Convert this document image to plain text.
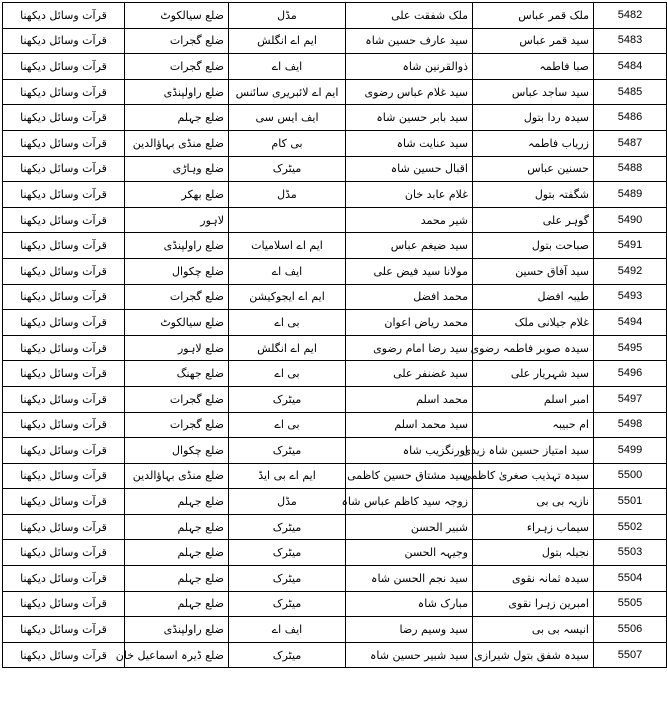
قرآت وسائل دیکھنا	ضلع سیالکوٹ	مڈل	ملک شفقت علی	ملک قمر عباس	5482
قرآت وسائل دیکھنا	ضلع گجرات	ایم اے انگلش	سید عارف حسین شاہ	سید قمر عباس	5483
قرآت وسائل دیکھنا	ضلع گجرات	ایف اے	ذوالقرنین شاہ	صبا فاطمہ	5484
قرآت وسائل دیکھنا	ضلع راولپنڈی	ایم اے لائبریری سائنس	سید غلام عباس رضوی	سید ساجد عباس	5485
قرآت وسائل دیکھنا	ضلع جہلم	ایف ایس سی	سید بابر حسین شاہ	سیدہ ردا بتول	5486
قرآت وسائل دیکھنا	ضلع منڈی بہاؤالدین	بی کام	سید عنایت شاہ	زریاب فاطمہ	5487
قرآت وسائل دیکھنا	ضلع وہاڑی	میٹرک	اقبال حسین شاہ	حسنین عباس	5488
قرآت وسائل دیکھنا	ضلع بھکر	مڈل	غلام عابد خان	شگفتہ بتول	5489
قرآت وسائل دیکھنا	لاہور		شیر محمد	گوہر علی	5490
قرآت وسائل دیکھنا	ضلع راولپنڈی	ایم اے اسلامیات	سید ضیغم عباس	صباحت بتول	5491
قرآت وسائل دیکھنا	ضلع چکوال	ایف اے	مولانا سید فیض علی	سید آفاق حسین	5492
قرآت وسائل دیکھنا	ضلع گجرات	ایم اے ایجوکیشن	محمد افضل	طیبہ افضل	5493
قرآت وسائل دیکھنا	ضلع سیالکوٹ	بی اے	محمد ریاض اعوان	غلام جیلانی ملک	5494
قرآت وسائل دیکھنا	ضلع لاہور	ایم اے انگلش	سید رضا امام رضوی	سیدہ صوبر فاطمہ رضوی	5495
قرآت وسائل دیکھنا	ضلع جھنگ	بی اے	سید غضنفر علی	سید شہریار علی	5496
قرآت وسائل دیکھنا	ضلع گجرات	میٹرک	محمد اسلم	امبر اسلم	5497
قرآت وسائل دیکھنا	ضلع گجرات	بی اے	سید محمد اسلم	ام حبیبہ	5498
قرآت وسائل دیکھنا	ضلع چکوال	میٹرک	اورنگزیب شاہ	سید امتیاز حسین شاہ زیدی	5499
قرآت وسائل دیکھنا	ضلع منڈی بہاؤالدین	ایم اے بی ایڈ	سید مشتاق حسین کاظمی	سیدہ تہذیب صغریٰ کاظمی	5500
قرآت وسائل دیکھنا	ضلع جہلم	مڈل	زوجہ سید کاظم عباس شاہ	نازیہ بی بی	5501
قرآت وسائل دیکھنا	ضلع جہلم	میٹرک	شبیر الحسن	سیماب زہراء	5502
قرآت وسائل دیکھنا	ضلع جہلم	میٹرک	وجیہہ الحسن	نجیلہ بتول	5503
قرآت وسائل دیکھنا	ضلع جہلم	میٹرک	سید نجم الحسن شاہ	سیدہ ثمانہ نقوی	5504
قرآت وسائل دیکھنا	ضلع جہلم	میٹرک	مبارک شاہ	امبرین زہرا نقوی	5505
قرآت وسائل دیکھنا	ضلع راولپنڈی	ایف اے	سید وسیم رضا	انیسہ بی بی	5506
قرآت وسائل دیکھنا	ضلع ڈیرہ اسماعیل خان	میٹرک	سید شبیر حسین شاہ	سیدہ شفق بتول شیرازی	5507
